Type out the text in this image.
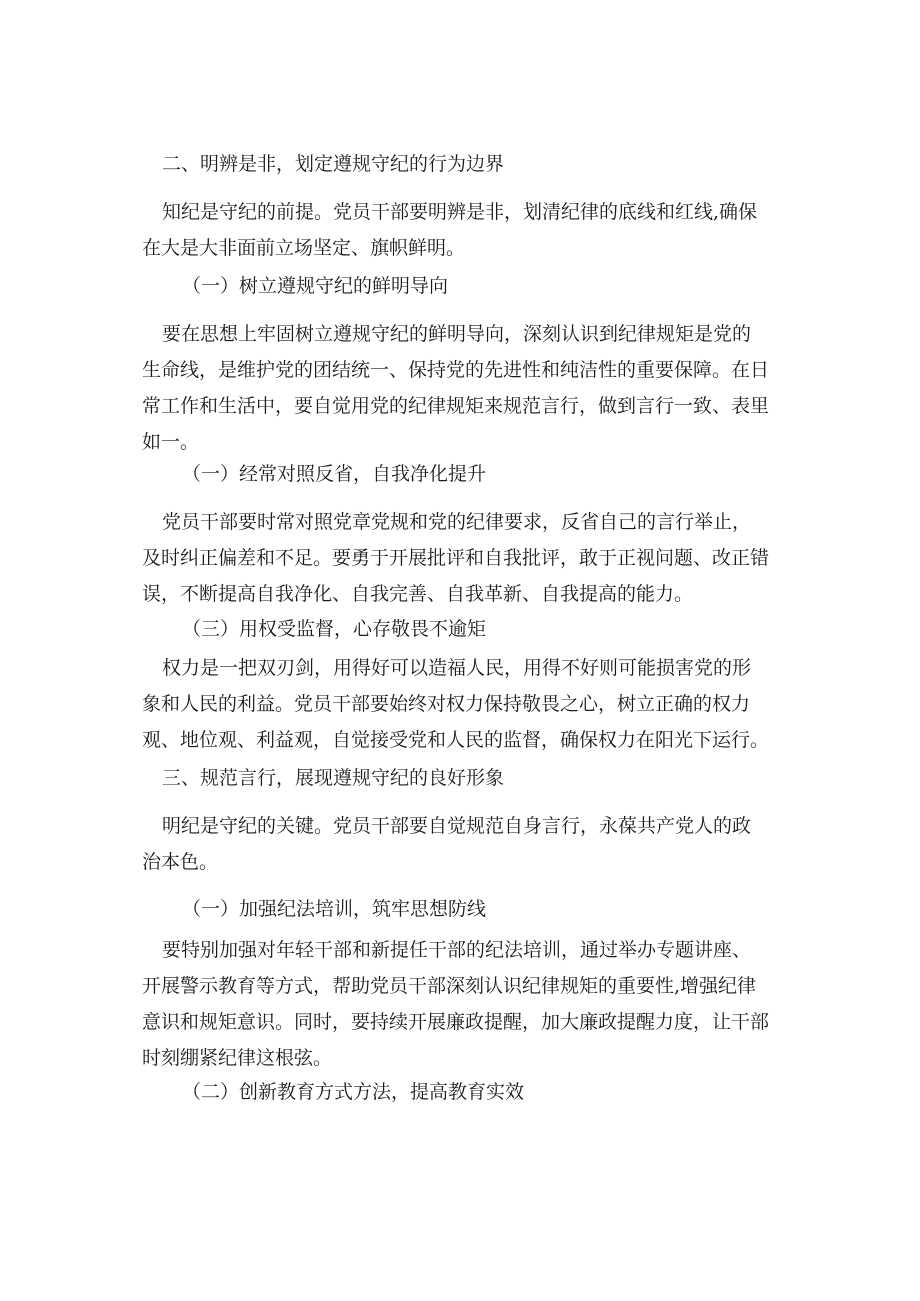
二、明辨是非，划定遵规守纪的行为边界
知纪是守纪的前提。党员干部要明辨是非，划清纪律的底线和红线,确保
在大是大非面前立场坚定、旗帜鲜明。
（一）树立遵规守纪的鲜明导向
要在思想上牢固树立遵规守纪的鲜明导向，深刻认识到纪律规矩是党的
生命线，是维护党的团结统一、保持党的先进性和纯洁性的重要保障。在日
常工作和生活中，要自觉用党的纪律规矩来规范言行，做到言行一致、表里
如一。
（一）经常对照反省，自我净化提升
党员干部要时常对照党章党规和党的纪律要求，反省自己的言行举止，
及时纠正偏差和不足。要勇于开展批评和自我批评，敢于正视问题、改正错
误，不断提高自我净化、自我完善、自我革新、自我提高的能力。
（三）用权受监督，心存敬畏不逾矩
权力是一把双刃剑，用得好可以造福人民，用得不好则可能损害党的形
象和人民的利益。党员干部要始终对权力保持敬畏之心，树立正确的权力
观、地位观、利益观，自觉接受党和人民的监督，确保权力在阳光下运行。
三、规范言行，展现遵规守纪的良好形象
明纪是守纪的关键。党员干部要自觉规范自身言行，永葆共产党人的政
治本色。
（一）加强纪法培训，筑牢思想防线
要特别加强对年轻干部和新提任干部的纪法培训，通过举办专题讲座、
开展警示教育等方式，帮助党员干部深刻认识纪律规矩的重要性,增强纪律
意识和规矩意识。同时，要持续开展廉政提醒，加大廉政提醒力度，让干部
时刻绷紧纪律这根弦。
（二）创新教育方式方法，提高教育实效
